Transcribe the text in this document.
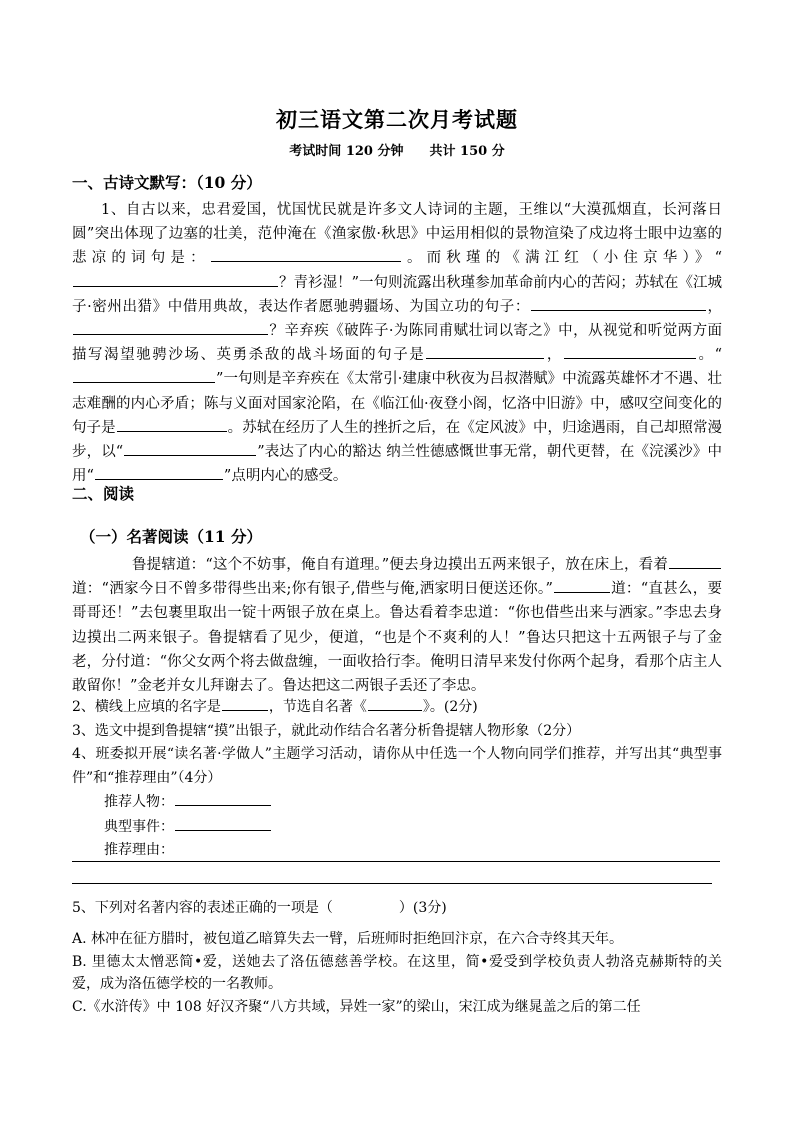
初三语文第二次月考试题
考试时间 120 分钟 共计 150 分
一、古诗文默写：（10 分）

1、自古以来，忠君爱国，忧国忧民就是许多文人诗词的主题，王维以“大漠孤烟直，长河落日圆”突出体现了边塞的壮美，范仲淹在《渔家傲·秋思》中运用相似的景物渲染了戍边将士眼中边塞的悲凉的词句是：	。而秋瑾的《满江红（小住京华）》“？青衫湿！”一句则流露出秋瑾参加革命前内心的苦闷；苏轼在《江城子·密州出猎》中借用典故，表达作者愿驰骋疆场、为国立功的句子：	，？辛弃疾《破阵子·为陈同甫赋壮词以寄之》中，从视觉和听觉两方面描写渴望驰骋沙场、英勇杀敌的战斗场面的句子是	，	。“”一句则是辛弃疾在《太常引·建康中秋夜为吕叔潜赋》中流露英雄怀才不遇、壮志难酬的内心矛盾；陈与义面对国家沦陷，在《临江仙·夜登小阁，忆洛中旧游》中，感叹空间变化的句子是	。苏轼在经历了人生的挫折之后，在《定风波》中，归途遇雨，自己却照常漫步，以“	”表达了内心的豁达 纳兰性德感慨世事无常，朝代更替，在《浣溪沙》中用“	”点明内心的感受。

二、阅读
（一）名著阅读（11 分）

鲁提辖道：“这个不妨事，俺自有道理。”便去身边摸出五两来银子，放在床上，看着道：“洒家今日不曾多带得些出来;你有银子,借些与俺,洒家明日便送还你。”	道：“直甚么，要哥哥还！”去包裹里取出一锭十两银子放在桌上。鲁达看着李忠道：“你也借些出来与洒家。”李忠去身边摸出二两来银子。鲁提辖看了见少，便道，“也是个不爽利的人！”鲁达只把这十五两银子与了金老，分付道：“你父女两个将去做盘缠，一面收拾行李。俺明日清早来发付你两个起身，看那个店主人敢留你！”金老并女儿拜谢去了。鲁达把这二两银子丢还了李忠。

2、横线上应填的名字是	，节选自名著《	》。(2分)

3、选文中提到鲁提辖“摸”出银子，就此动作结合名著分析鲁提辖人物形象（2分）

4、班委拟开展“读名著·学做人”主题学习活动，请你从中任选一个人物向同学们推荐，并写出其“典型事件”和“推荐理由”（4分）

推荐人物：

典型事件：

推荐理由：

5、下列对名著内容的表述正确的一项是（	）(3分)

A. 林冲在征方腊时，被包道乙暗算失去一臂，后班师时拒绝回汴京，在六合寺终其天年。

B. 里德太太憎恶简•爱，送她去了洛伍德慈善学校。在这里，简•爱受到学校负责人勃洛克赫斯特的关爱，成为洛伍德学校的一名教师。

C.《水浒传》中 108 好汉齐聚“八方共域，异姓一家”的梁山，宋江成为继晁盖之后的第二任
